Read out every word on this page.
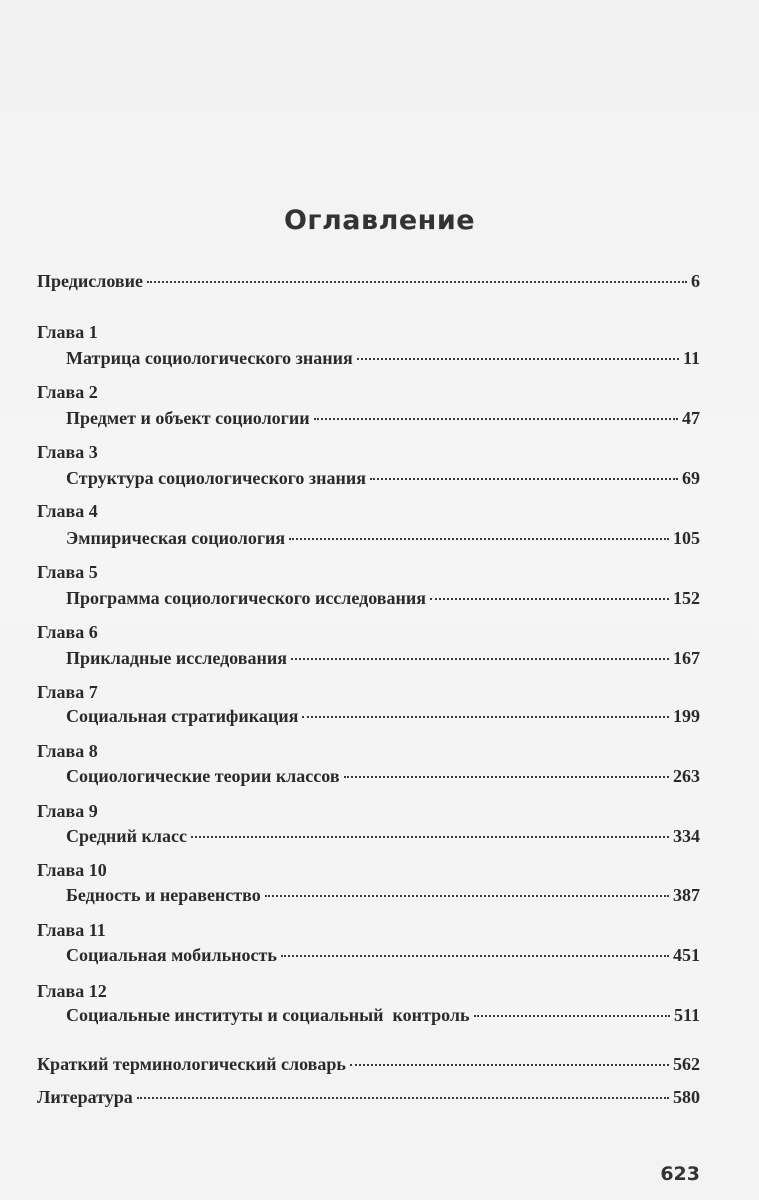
Оглавление
Предисловие	6
Глава 1
Матрица социологического знания	11
Глава 2
Предмет и объект социологии	47
Глава 3
Структура социологического знания	69
Глава 4
Эмпирическая социология	105
Глава 5
Программа социологического исследования	152
Глава 6
Прикладные исследования	167
Глава 7
Социальная стратификация	199
Глава 8
Социологические теории классов	263
Глава 9
Средний класс	334
Глава 10
Бедность и неравенство	387
Глава 11
Социальная мобильность	451
Глава 12
Социальные институты и социальный  контроль	511
Краткий терминологический словарь	562
Литература	580
623
